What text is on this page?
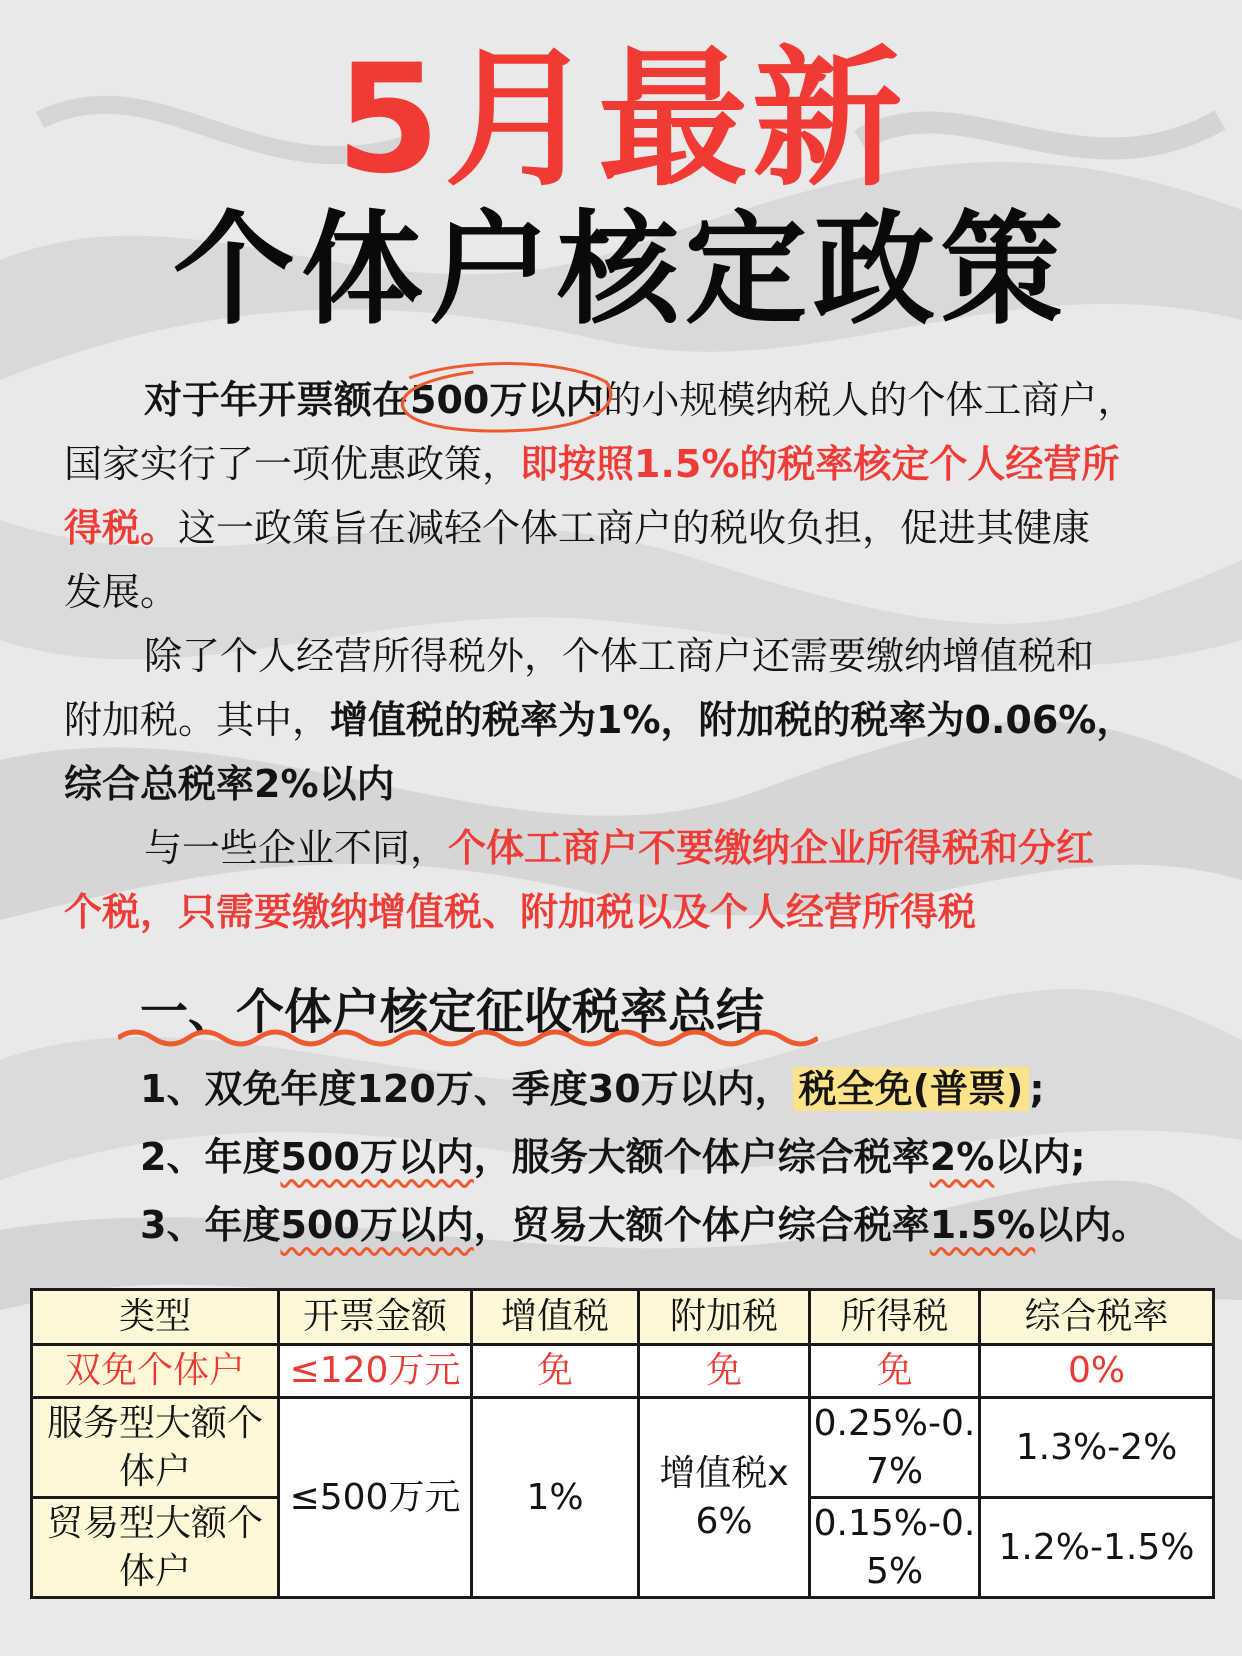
5月最新
个体户核定政策
对于年开票额在500万以内
的小规模纳税人的个体工商户，
国家实行了一项优惠政策，即按照1.5%的税率核定个人经营所
得税。这一政策旨在减轻个体工商户的税收负担，促进其健康
发展。
除了个人经营所得税外，个体工商户还需要缴纳增值税和
附加税。其中，增值税的税率为1%，附加税的税率为0.06%，
综合总税率2%以内
与一些企业不同，个体工商户不要缴纳企业所得税和分红
个税，只需要缴纳增值税、附加税以及个人经营所得税
一、个体户核定征收税率总结
1、双免年度120万、季度30万以内， 税全免(普票) ;
2、年度500万以内，服务大额个体户综合税率2%以内;
3、年度500万以内，贸易大额个体户综合税率1.5%以内。
类型	开票金额	增值税	附加税	所得税	综合税率
双免个体户	≤120万元	免	免	免	0%
服务型大额个体户	≤500万元	1%	增值税x6%	0.25%-0.7%	1.3%-2%
贸易型大额个体户				0.15%-0.5%	1.2%-1.5%
